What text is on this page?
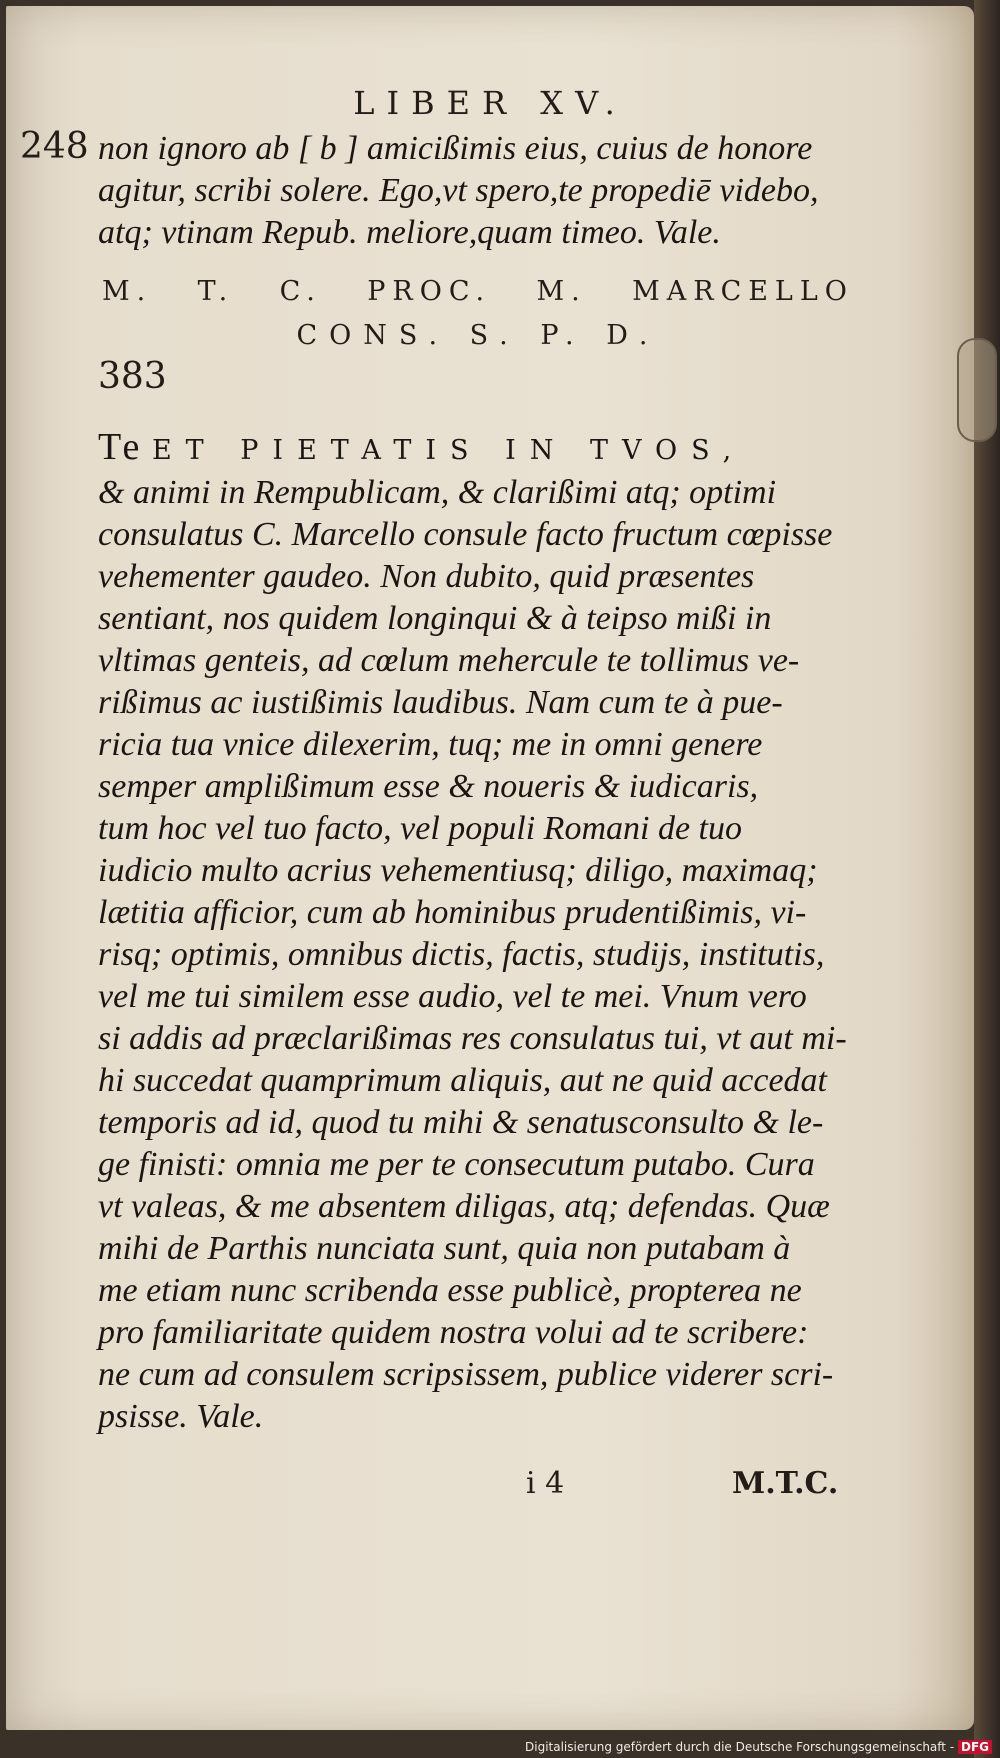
LIBER XV.
248 non ignoro ab [ b ] amicißimis eius, cuius de honore
agitur, scribi solere. Ego,vt spero,te propediē videbo,
atq; vtinam Repub. meliore,quam timeo. Vale.
M. T. C. PROC. M. MARCELLO
CONS. S. P. D.
383
Te ET PIETATIS IN TVOS,
& animi in Rempublicam, & clarißimi atq; optimi
consulatus C. Marcello consule facto fructum cœpisse
vehementer gaudeo. Non dubito, quid præsentes
sentiant, nos quidem longinqui & à teipso mißi in
vltimas genteis, ad cœlum mehercule te tollimus ve-
rißimus ac iustißimis laudibus. Nam cum te à pue-
ricia tua vnice dilexerim, tuq; me in omni genere
semper amplißimum esse & noueris & iudicaris,
tum hoc vel tuo facto, vel populi Romani de tuo
iudicio multo acrius vehementiusq; diligo, maximaq;
lætitia afficior, cum ab hominibus prudentißimis, vi-
risq; optimis, omnibus dictis, factis, studijs, institutis,
vel me tui similem esse audio, vel te mei. Vnum vero
si addis ad præclarißimas res consulatus tui, vt aut mi-
hi succedat quamprimum aliquis, aut ne quid accedat
temporis ad id, quod tu mihi & senatusconsulto & le-
ge finisti: omnia me per te consecutum putabo. Cura
vt valeas, & me absentem diligas, atq; defendas. Quæ
mihi de Parthis nunciata sunt, quia non putabam à
me etiam nunc scribenda esse publicè, propterea ne
pro familiaritate quidem nostra volui ad te scribere:
ne cum ad consulem scripsissem, publice viderer scri-
psisse. Vale.
i 4	M.T.C.
Digitalisierung gefördert durch die Deutsche Forschungsgemeinschaft - DFG
